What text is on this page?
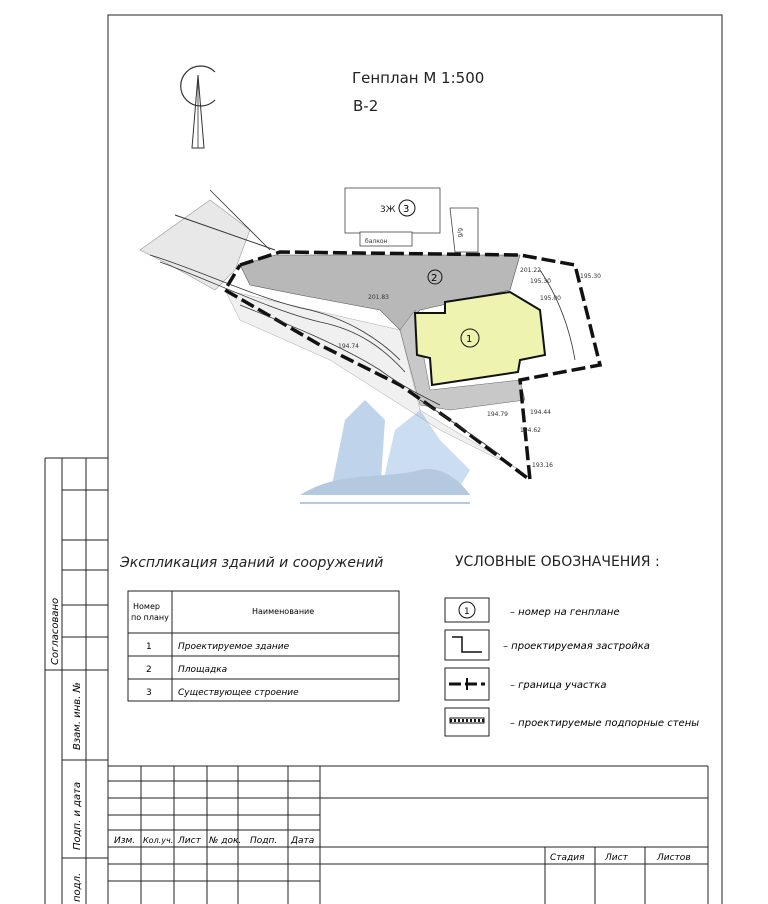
Генплан М 1:500
В-2
3
3Ж
балкон
б/б
2
1
201.83
195.30
194.74
194.79	194.44
193.16
201.22
195.30
195.00
194.62
Экспликация зданий и сооружений
Номер
по плану
Наименование
1	Проектируемое здание
2	Площадка
3	Существующее строение
УСЛОВНЫЕ ОБОЗНАЧЕНИЯ :
1	– номер на генплане
– проектируемая застройка
– граница участка
– проектируемые подпорные стены
Согласовано
Взам. инв. №
Подп. и дата
подл.
Изм. Кол.уч. Лист № док. Подп. Дата
Стадия Лист	Листов
